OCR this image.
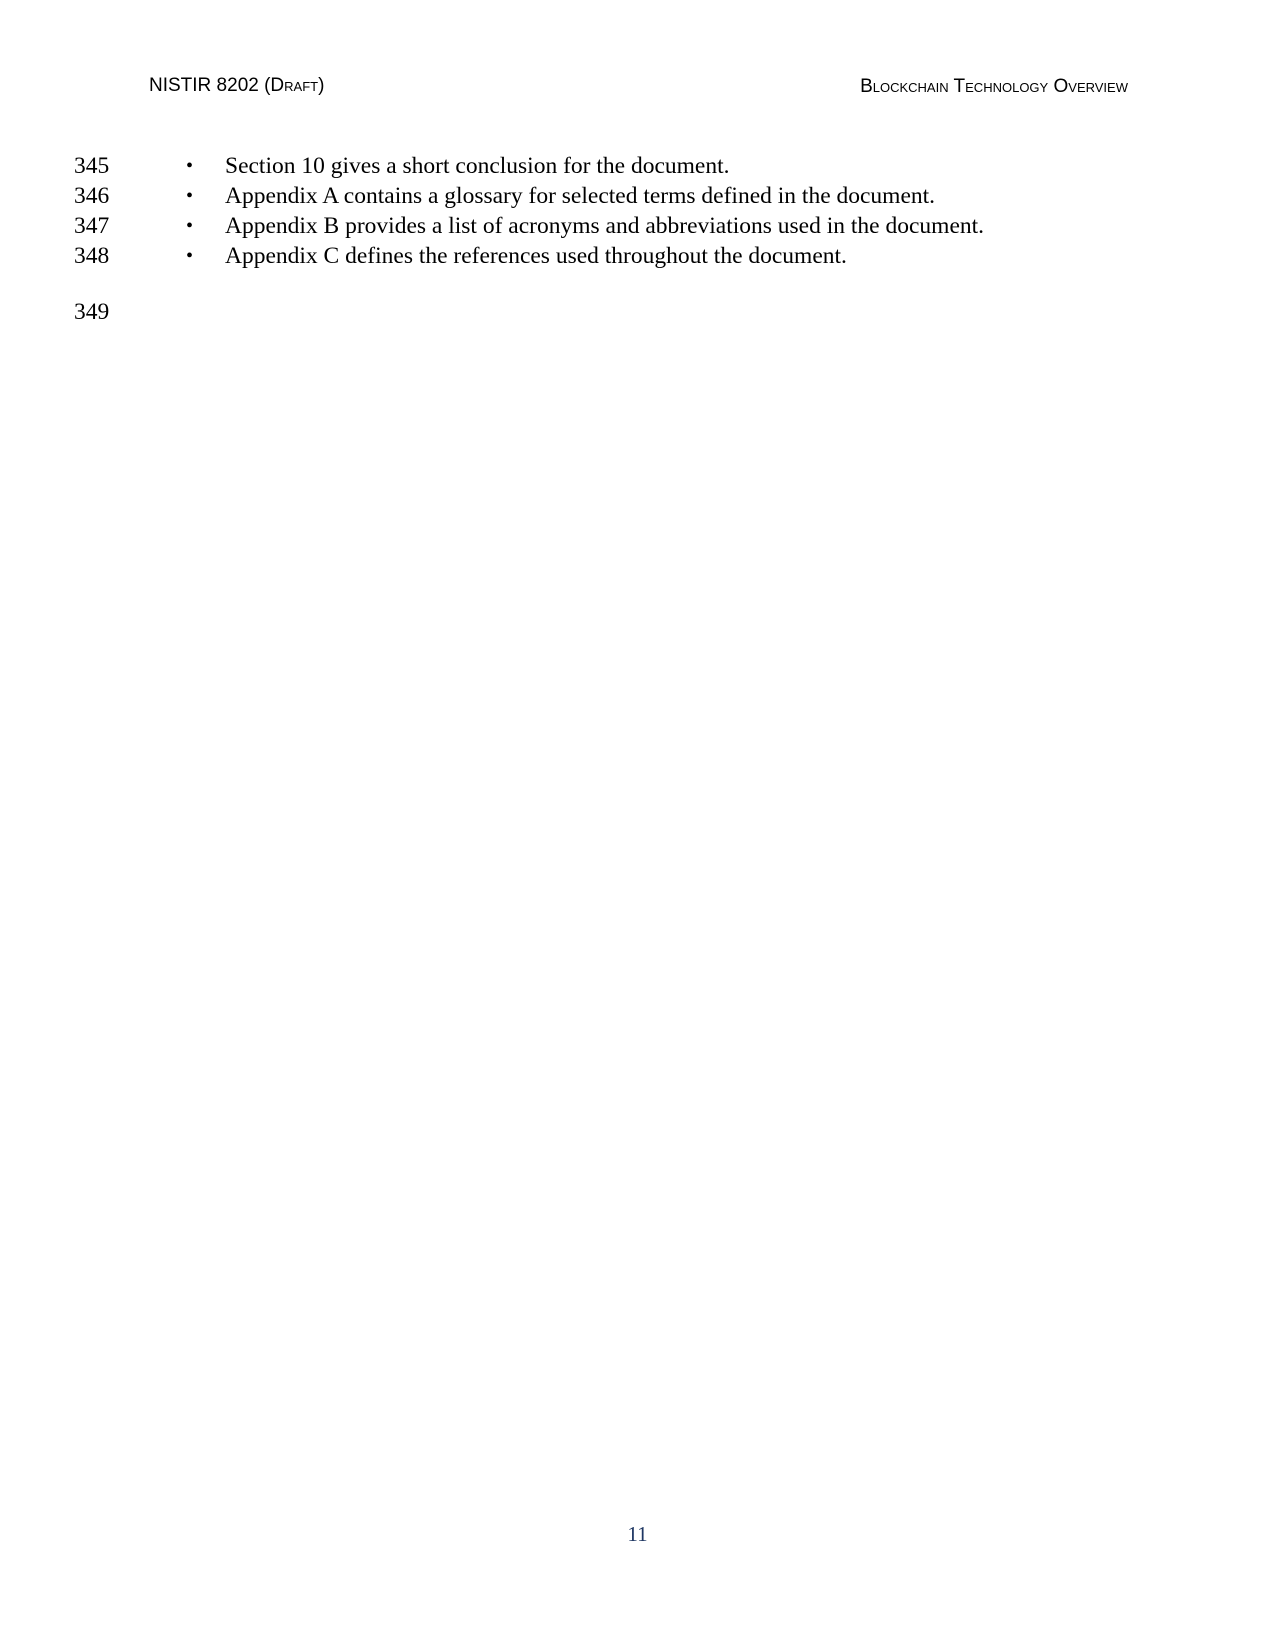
NISTIR 8202 (Draft)	Blockchain Technology Overview
345	• Section 10 gives a short conclusion for the document.
346	• Appendix A contains a glossary for selected terms defined in the document.
347	• Appendix B provides a list of acronyms and abbreviations used in the document.
348	• Appendix C defines the references used throughout the document.
349
11
